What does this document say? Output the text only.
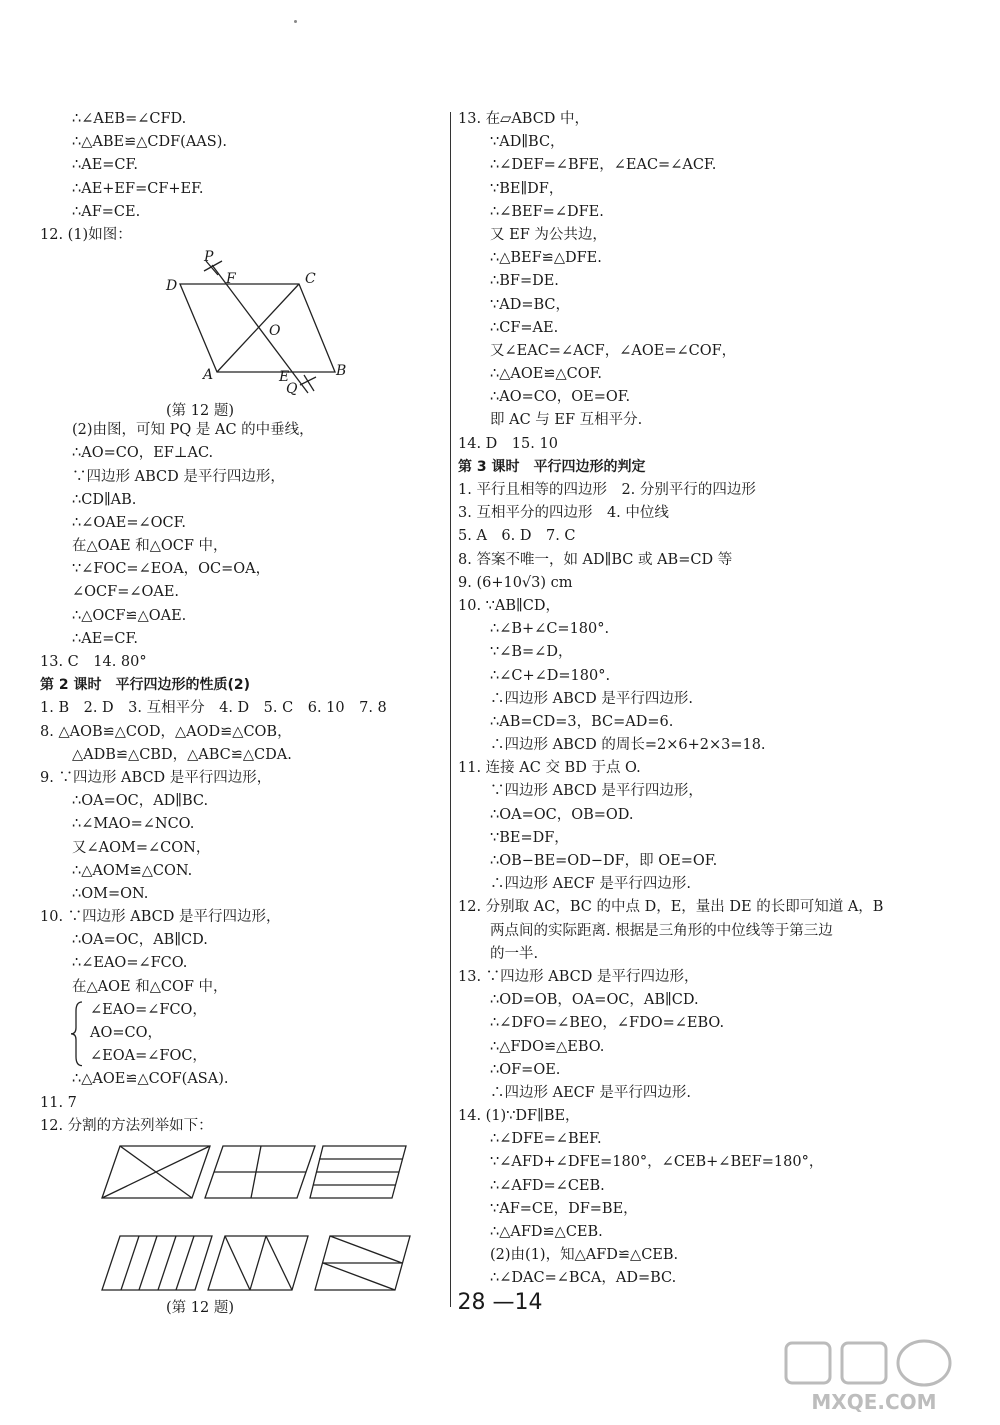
∴∠AEB=∠CFD.
∴△ABE≌△CDF(AAS).
∴AE=CF.
∴AE+EF=CF+EF.
∴AF=CE.
12. (1)如图：
P
F	C
D
O
A	B
E
Q
(第 12 题)
(2)由图，可知 PQ 是 AC 的中垂线，
∴AO=CO，EF⊥AC.
∵四边形 ABCD 是平行四边形，
∴CD∥AB.
∴∠OAE=∠OCF.
在△OAE 和△OCF 中，
∵∠FOC=∠EOA，OC=OA，
∠OCF=∠OAE.
∴△OCF≌△OAE.
∴AE=CF.
13. C　14. 80°
第 2 课时　平行四边形的性质(2)
1. B　2. D　3. 互相平分　4. D　5. C　6. 10　7. 8
8. △AOB≌△COD，△AOD≌△COB，
△ADB≌△CBD，△ABC≌△CDA.
9. ∵四边形 ABCD 是平行四边形，
∴OA=OC，AD∥BC.
∴∠MAO=∠NCO.
又∠AOM=∠CON，
∴△AOM≌△CON.
∴OM=ON.
10. ∵四边形 ABCD 是平行四边形，
∴OA=OC，AB∥CD.
∴∠EAO=∠FCO.
在△AOE 和△COF 中，
∠EAO=∠FCO，
AO=CO，
∠EOA=∠FOC，
∴△AOE≌△COF(ASA).
11. 7
12. 分割的方法列举如下：
(第 12 题)
13. 在▱ABCD 中，
∵AD∥BC，
∴∠DEF=∠BFE，∠EAC=∠ACF.
∵BE∥DF，
∴∠BEF=∠DFE.
又 EF 为公共边，
∴△BEF≌△DFE.
∴BF=DE.
∵AD=BC，
∴CF=AE.
又∠EAC=∠ACF，∠AOE=∠COF，
∴△AOE≌△COF.
∴AO=CO，OE=OF.
即 AC 与 EF 互相平分.
14. D　15. 10
第 3 课时　平行四边形的判定
1. 平行且相等的四边形　2. 分别平行的四边形
3. 互相平分的四边形　4. 中位线
5. A　6. D　7. C
8. 答案不唯一，如 AD∥BC 或 AB=CD 等
9. (6+10√3) cm
10. ∵AB∥CD，
∴∠B+∠C=180°.
∵∠B=∠D，
∴∠C+∠D=180°.
∴四边形 ABCD 是平行四边形.
∴AB=CD=3，BC=AD=6.
∴四边形 ABCD 的周长=2×6+2×3=18.
11. 连接 AC 交 BD 于点 O.
∵四边形 ABCD 是平行四边形，
∴OA=OC，OB=OD.
∵BE=DF，
∴OB−BE=OD−DF，即 OE=OF.
∴四边形 AECF 是平行四边形.
12. 分别取 AC，BC 的中点 D，E，量出 DE 的长即可知道 A，B
两点间的实际距离. 根据是三角形的中位线等于第三边
的一半.
13. ∵四边形 ABCD 是平行四边形，
∴OD=OB，OA=OC，AB∥CD.
∴∠DFO=∠BEO，∠FDO=∠EBO.
∴△FDO≌△EBO.
∴OF=OE.
∴四边形 AECF 是平行四边形.
14. (1)∵DF∥BE，
∴∠DFE=∠BEF.
∵∠AFD+∠DFE=180°，∠CEB+∠BEF=180°，
∴∠AFD=∠CEB.
∵AF=CE，DF=BE，
∴△AFD≌△CEB.
(2)由(1)，知△AFD≌△CEB.
∴∠DAC=∠BCA，AD=BC.
28 —14
MXQE.COM
